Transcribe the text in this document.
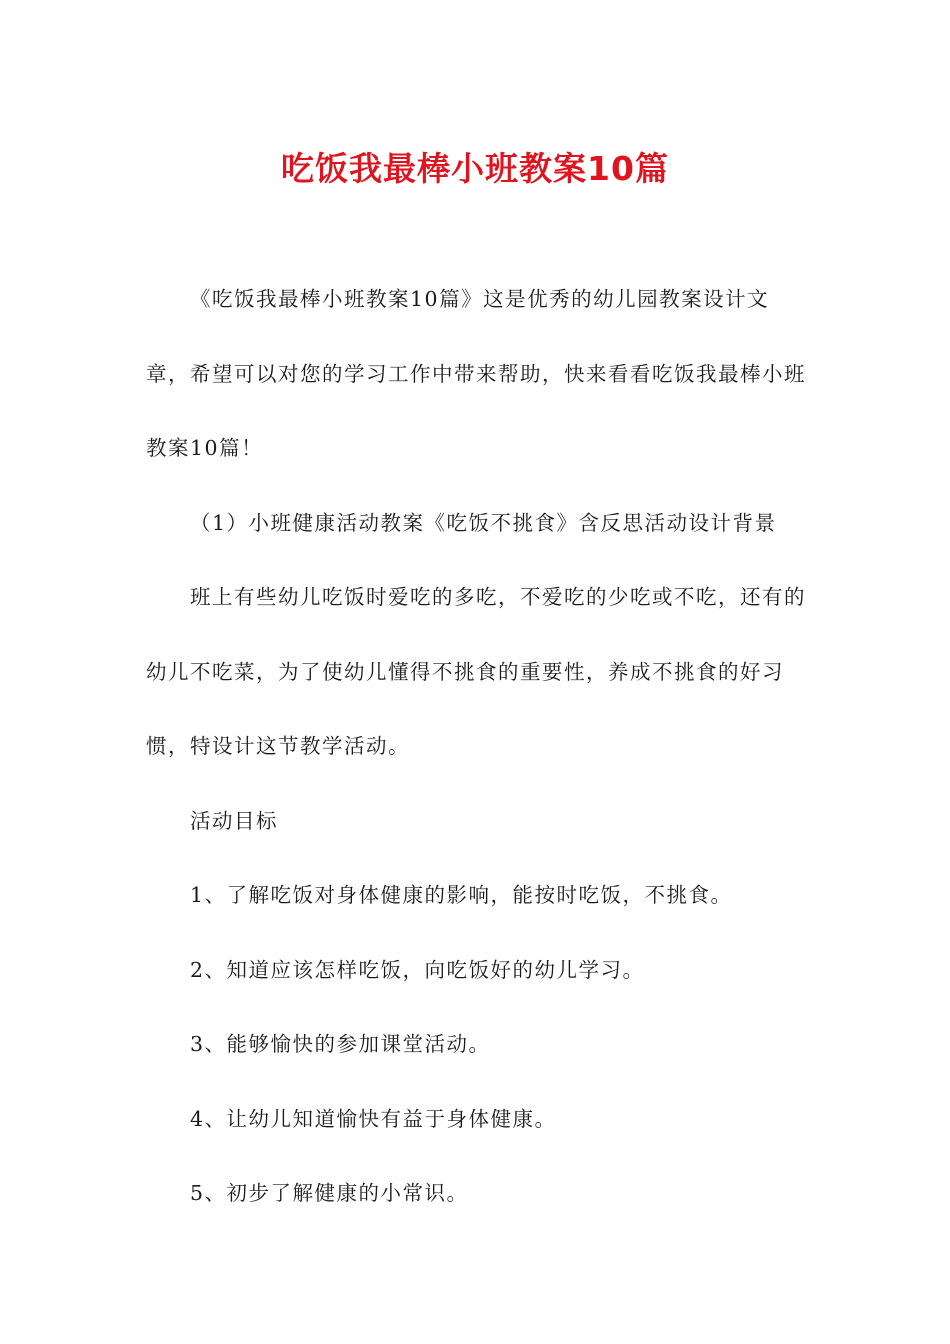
吃饭我最棒小班教案10篇

《吃饭我最棒小班教案10篇》这是优秀的幼儿园教案设计文章，希望可以对您的学习工作中带来帮助，快来看看吃饭我最棒小班教案10篇！

（1）小班健康活动教案《吃饭不挑食》含反思活动设计背景

班上有些幼儿吃饭时爱吃的多吃，不爱吃的少吃或不吃，还有的幼儿不吃菜，为了使幼儿懂得不挑食的重要性，养成不挑食的好习惯，特设计这节教学活动。

活动目标

1、了解吃饭对身体健康的影响，能按时吃饭，不挑食。

2、知道应该怎样吃饭，向吃饭好的幼儿学习。

3、能够愉快的参加课堂活动。

4、让幼儿知道愉快有益于身体健康。

5、初步了解健康的小常识。
